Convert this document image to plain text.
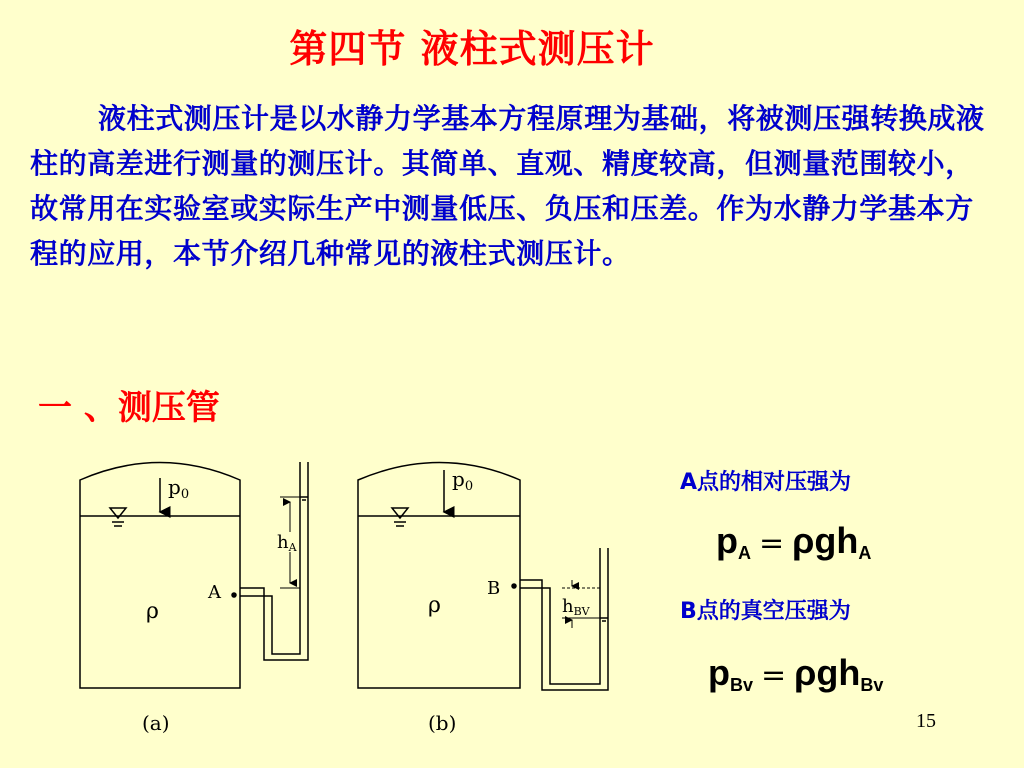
第四节 液柱式测压计
液柱式测压计是以水静力学基本方程原理为基础，将被测压强转换成液柱的高差进行测量的测压计。其简单、直观、精度较高，但测量范围较小，故常用在实验室或实际生产中测量低压、负压和压差。作为水静力学基本方程的应用，本节介绍几种常见的液柱式测压计。
一 、测压管
$p_0$
ρ
A
hA
(a)
$p_0$
ρ
B
hBV
(b)
A点的相对压强为
$p_A = \rho gh_A$
B点的真空压强为
$p_{Bv} = \rho gh_{Bv}$
15
